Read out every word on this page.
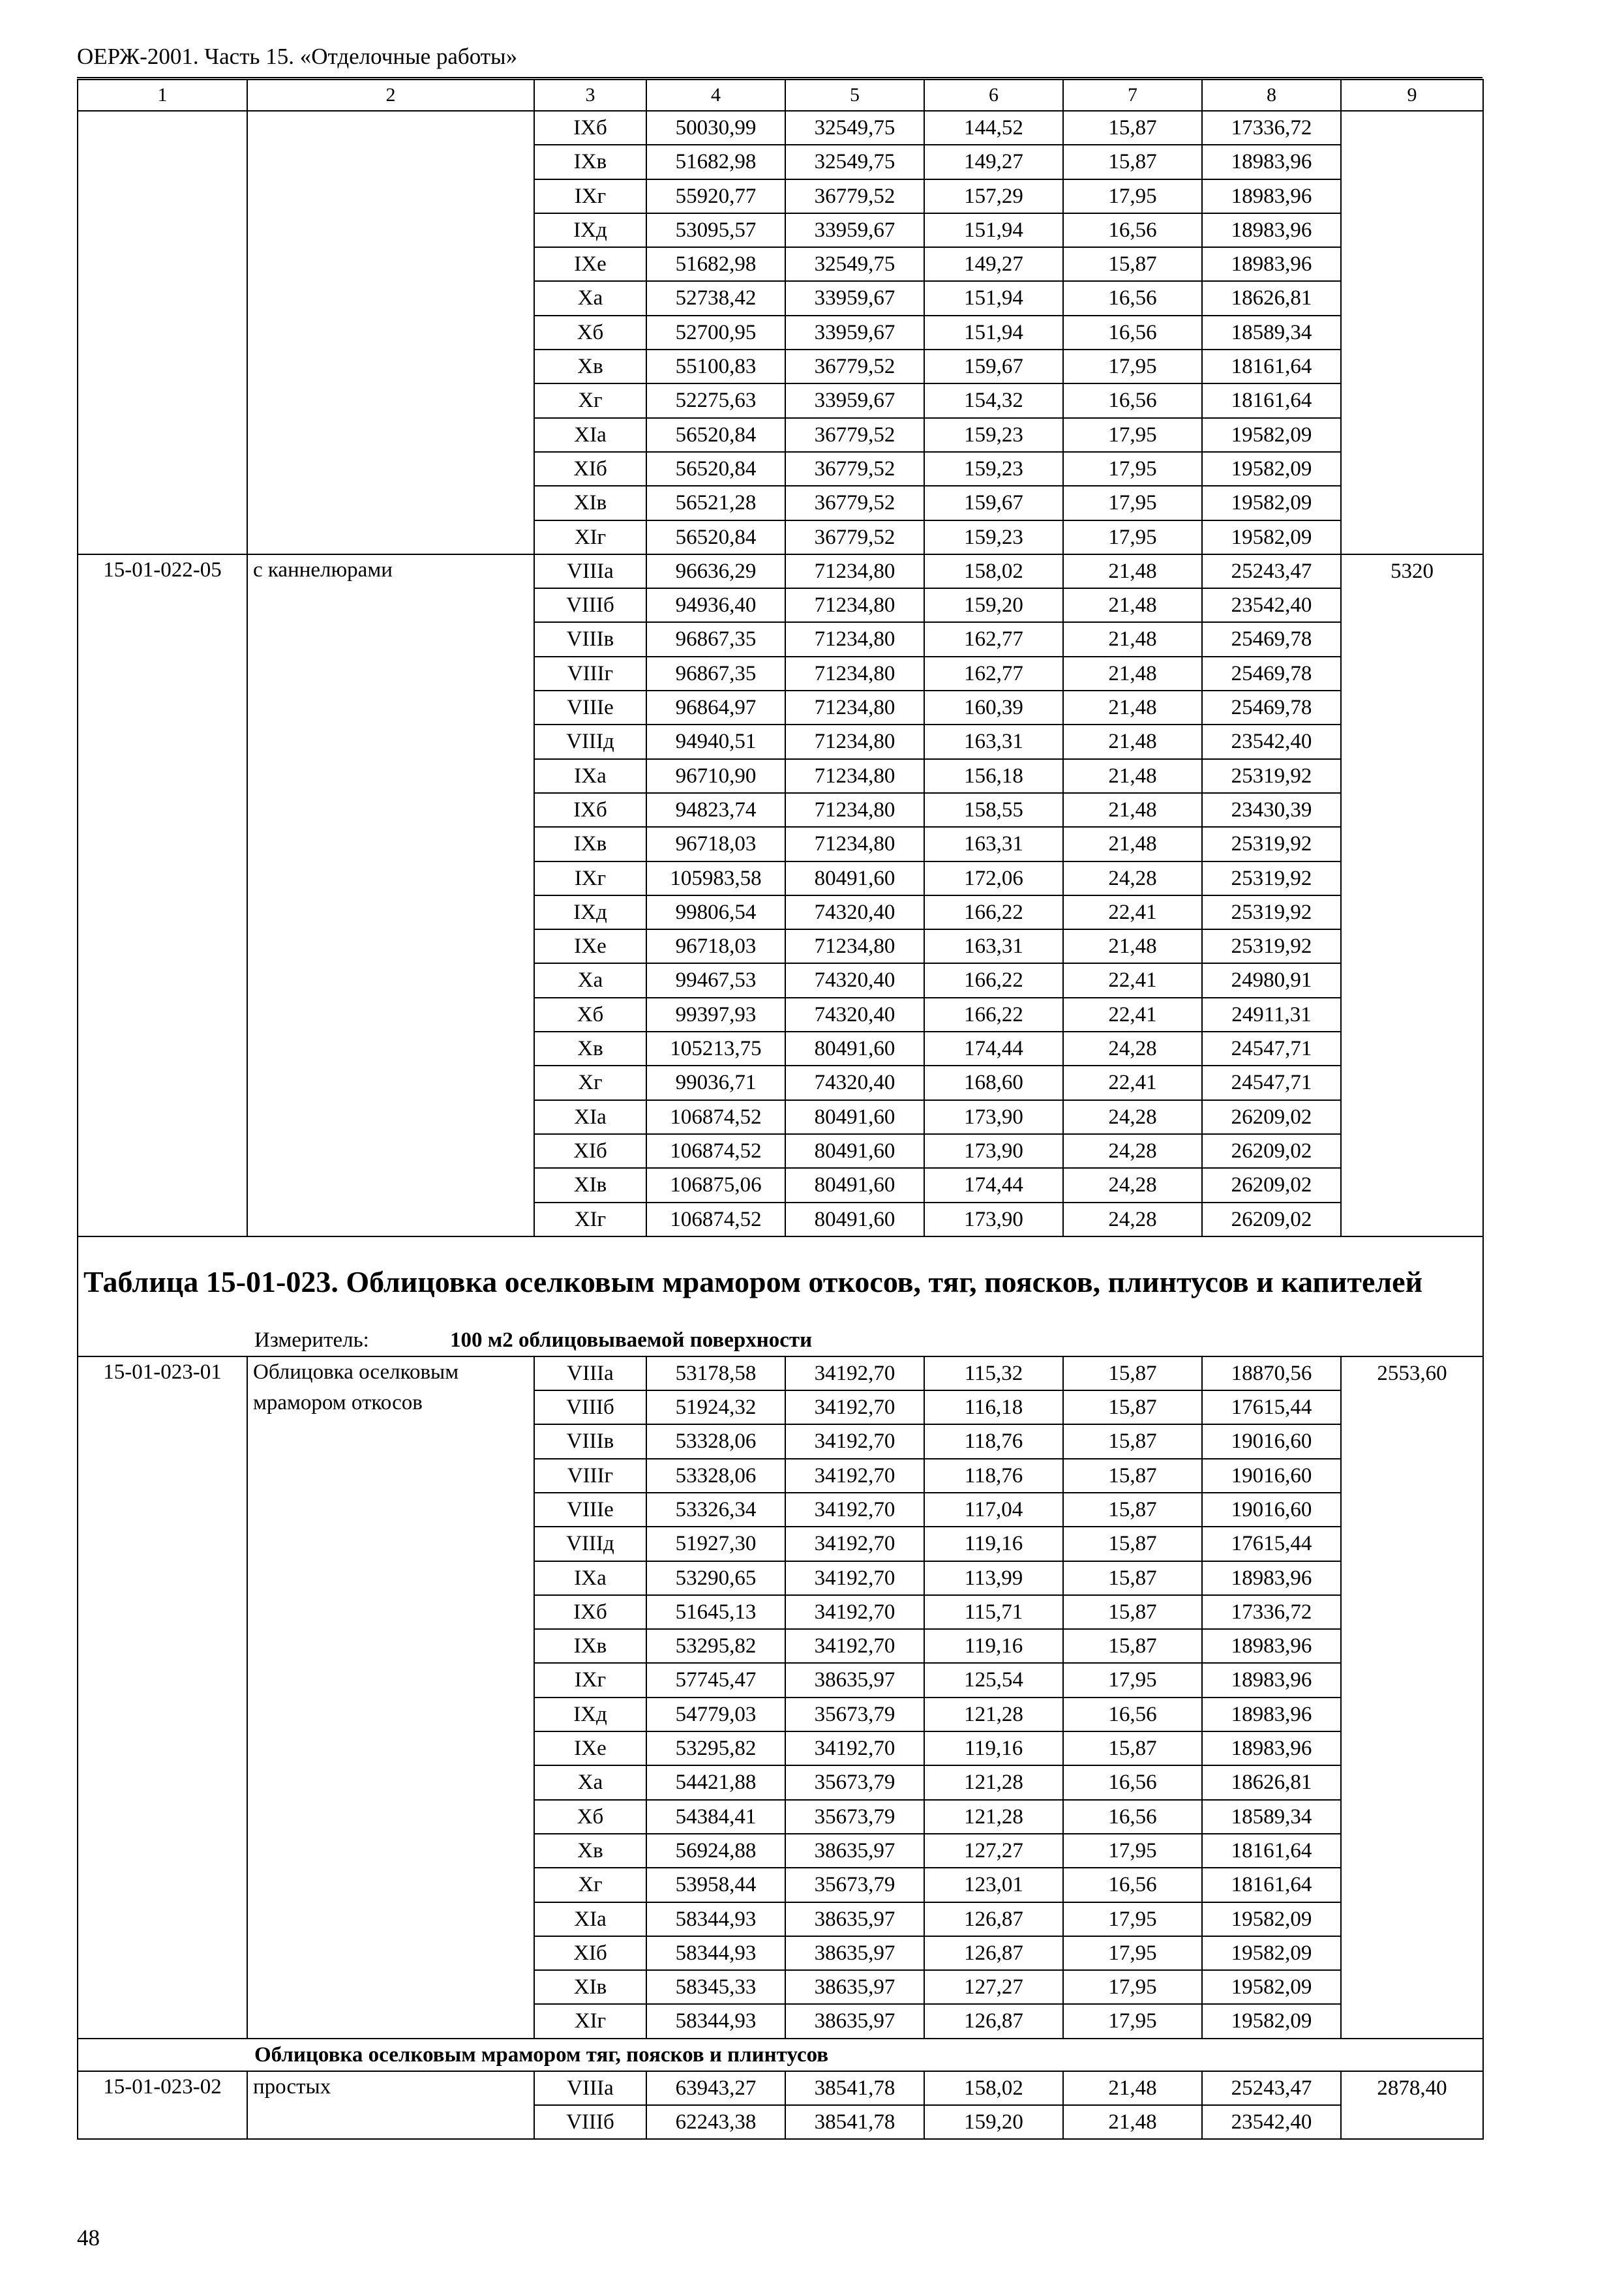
ОЕРЖ-2001. Часть 15. «Отделочные работы»
1	2	3	4	5	6	7	8	9
		IXб	50030,99	32549,75	144,52	15,87	17336,72	
		IXв	51682,98	32549,75	149,27	15,87	18983,96	
		IXг	55920,77	36779,52	157,29	17,95	18983,96	
		IXд	53095,57	33959,67	151,94	16,56	18983,96	
		IXе	51682,98	32549,75	149,27	15,87	18983,96	
		Xа	52738,42	33959,67	151,94	16,56	18626,81	
		Xб	52700,95	33959,67	151,94	16,56	18589,34	
		Xв	55100,83	36779,52	159,67	17,95	18161,64	
		Xг	52275,63	33959,67	154,32	16,56	18161,64	
		XIа	56520,84	36779,52	159,23	17,95	19582,09	
		XIб	56520,84	36779,52	159,23	17,95	19582,09	
		XIв	56521,28	36779,52	159,67	17,95	19582,09	
		XIг	56520,84	36779,52	159,23	17,95	19582,09	
15-01-022-05	с каннелюрами	VIIIа	96636,29	71234,80	158,02	21,48	25243,47	5320
		VIIIб	94936,40	71234,80	159,20	21,48	23542,40	
		VIIIв	96867,35	71234,80	162,77	21,48	25469,78	
		VIIIг	96867,35	71234,80	162,77	21,48	25469,78	
		VIIIе	96864,97	71234,80	160,39	21,48	25469,78	
		VIIIд	94940,51	71234,80	163,31	21,48	23542,40	
		IXа	96710,90	71234,80	156,18	21,48	25319,92	
		IXб	94823,74	71234,80	158,55	21,48	23430,39	
		IXв	96718,03	71234,80	163,31	21,48	25319,92	
		IXг	105983,58	80491,60	172,06	24,28	25319,92	
		IXд	99806,54	74320,40	166,22	22,41	25319,92	
		IXе	96718,03	71234,80	163,31	21,48	25319,92	
		Xа	99467,53	74320,40	166,22	22,41	24980,91	
		Xб	99397,93	74320,40	166,22	22,41	24911,31	
		Xв	105213,75	80491,60	174,44	24,28	24547,71	
		Xг	99036,71	74320,40	168,60	22,41	24547,71	
		XIа	106874,52	80491,60	173,90	24,28	26209,02	
		XIб	106874,52	80491,60	173,90	24,28	26209,02	
		XIв	106875,06	80491,60	174,44	24,28	26209,02	
		XIг	106874,52	80491,60	173,90	24,28	26209,02	
Таблица 15-01-023. Облицовка оселковым мрамором откосов, тяг, поясков, плинтусов и капителей								
Измеритель: 100 м2 облицовываемой поверхности								
15-01-023-01	Облицовка оселковым мрамором откосов	VIIIа	53178,58	34192,70	115,32	15,87	18870,56	2553,60
		VIIIб	51924,32	34192,70	116,18	15,87	17615,44	
		VIIIв	53328,06	34192,70	118,76	15,87	19016,60	
		VIIIг	53328,06	34192,70	118,76	15,87	19016,60	
		VIIIе	53326,34	34192,70	117,04	15,87	19016,60	
		VIIIд	51927,30	34192,70	119,16	15,87	17615,44	
		IXа	53290,65	34192,70	113,99	15,87	18983,96	
		IXб	51645,13	34192,70	115,71	15,87	17336,72	
		IXв	53295,82	34192,70	119,16	15,87	18983,96	
		IXг	57745,47	38635,97	125,54	17,95	18983,96	
		IXд	54779,03	35673,79	121,28	16,56	18983,96	
		IXе	53295,82	34192,70	119,16	15,87	18983,96	
		Xа	54421,88	35673,79	121,28	16,56	18626,81	
		Xб	54384,41	35673,79	121,28	16,56	18589,34	
		Xв	56924,88	38635,97	127,27	17,95	18161,64	
		Xг	53958,44	35673,79	123,01	16,56	18161,64	
		XIа	58344,93	38635,97	126,87	17,95	19582,09	
		XIб	58344,93	38635,97	126,87	17,95	19582,09	
		XIв	58345,33	38635,97	127,27	17,95	19582,09	
		XIг	58344,93	38635,97	126,87	17,95	19582,09	
Облицовка оселковым мрамором тяг, поясков и плинтусов								
15-01-023-02	простых	VIIIа	63943,27	38541,78	158,02	21,48	25243,47	2878,40
		VIIIб	62243,38	38541,78	159,20	21,48	23542,40	
48
